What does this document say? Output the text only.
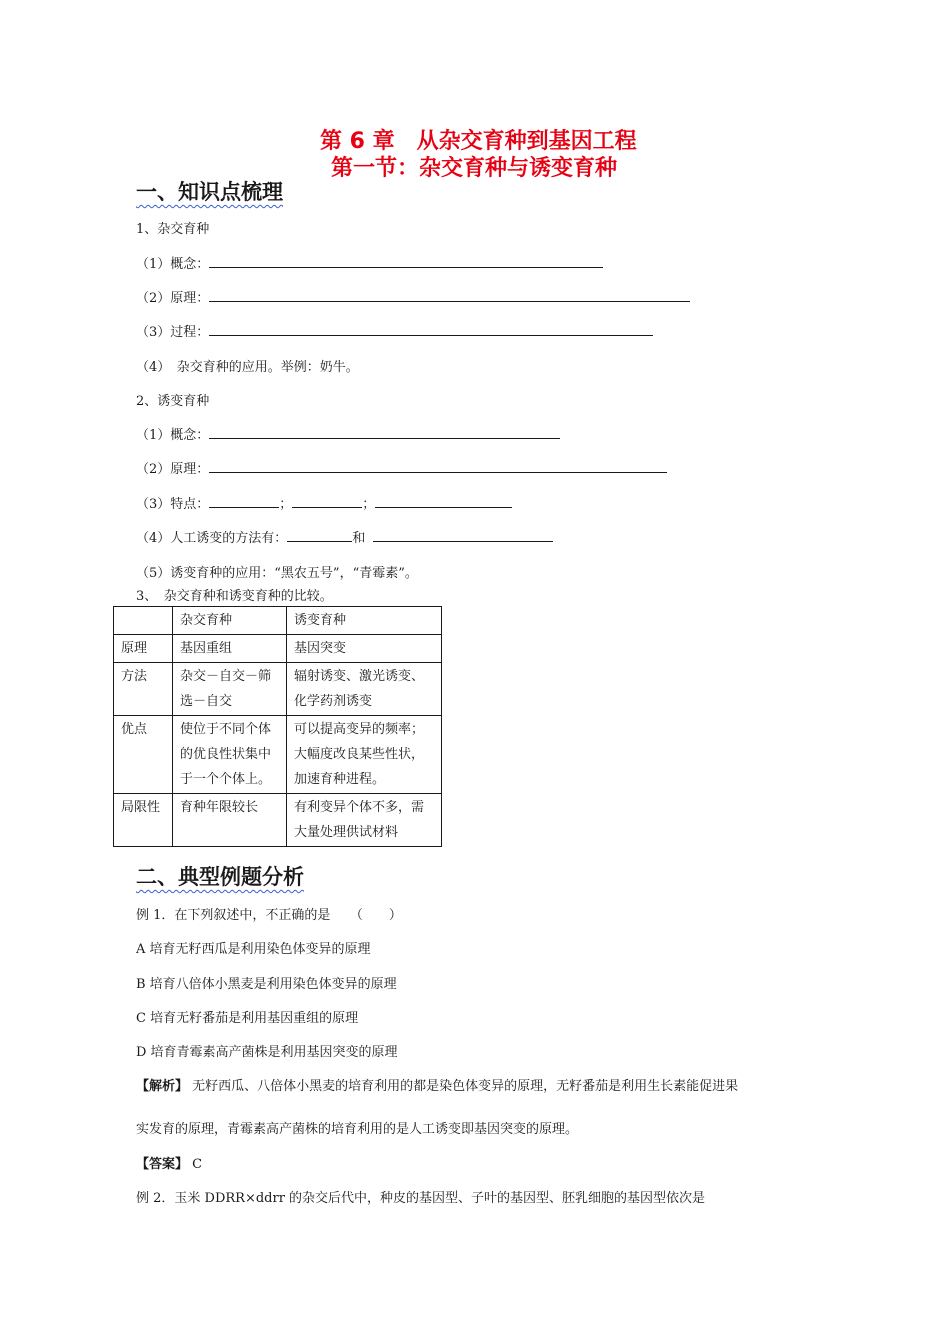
第 6 章　从杂交育种到基因工程
第一节：杂交育种与诱变育种
一、知识点梳理
1、杂交育种
（1）概念：
（2）原理：
（3）过程：
（4）　杂交育种的应用。举例：奶牛。
2、诱变育种
（1）概念：
（2）原理：
（3）特点：	；	；
（4）人工诱变的方法有：	和
（5）诱变育种的应用：“黑农五号”，“青霉素”。
3、　杂交育种和诱变育种的比较。
	杂交育种	诱变育种
原理	基因重组	基因突变
方法	杂交－自交－筛选－自交	辐射诱变、激光诱变、化学药剂诱变
优点	使位于不同个体的优良性状集中于一个个体上。	可以提高变异的频率；大幅度改良某些性状，加速育种进程。
局限性	育种年限较长	有利变异个体不多，需大量处理供试材料
二、典型例题分析
例 1．在下列叙述中，不正确的是　　（　　）
A 培育无籽西瓜是利用染色体变异的原理
B 培育八倍体小黑麦是利用染色体变异的原理
C 培育无籽番茄是利用基因重组的原理
D 培育青霉素高产菌株是利用基因突变的原理
【解析】 无籽西瓜、八倍体小黑麦的培育利用的都是染色体变异的原理，无籽番茄是利用生长素能促进果
实发育的原理，青霉素高产菌株的培育利用的是人工诱变即基因突变的原理。
【答案】 C
例 2．玉米 DDRR×ddrr 的杂交后代中，种皮的基因型、子叶的基因型、胚乳细胞的基因型依次是
